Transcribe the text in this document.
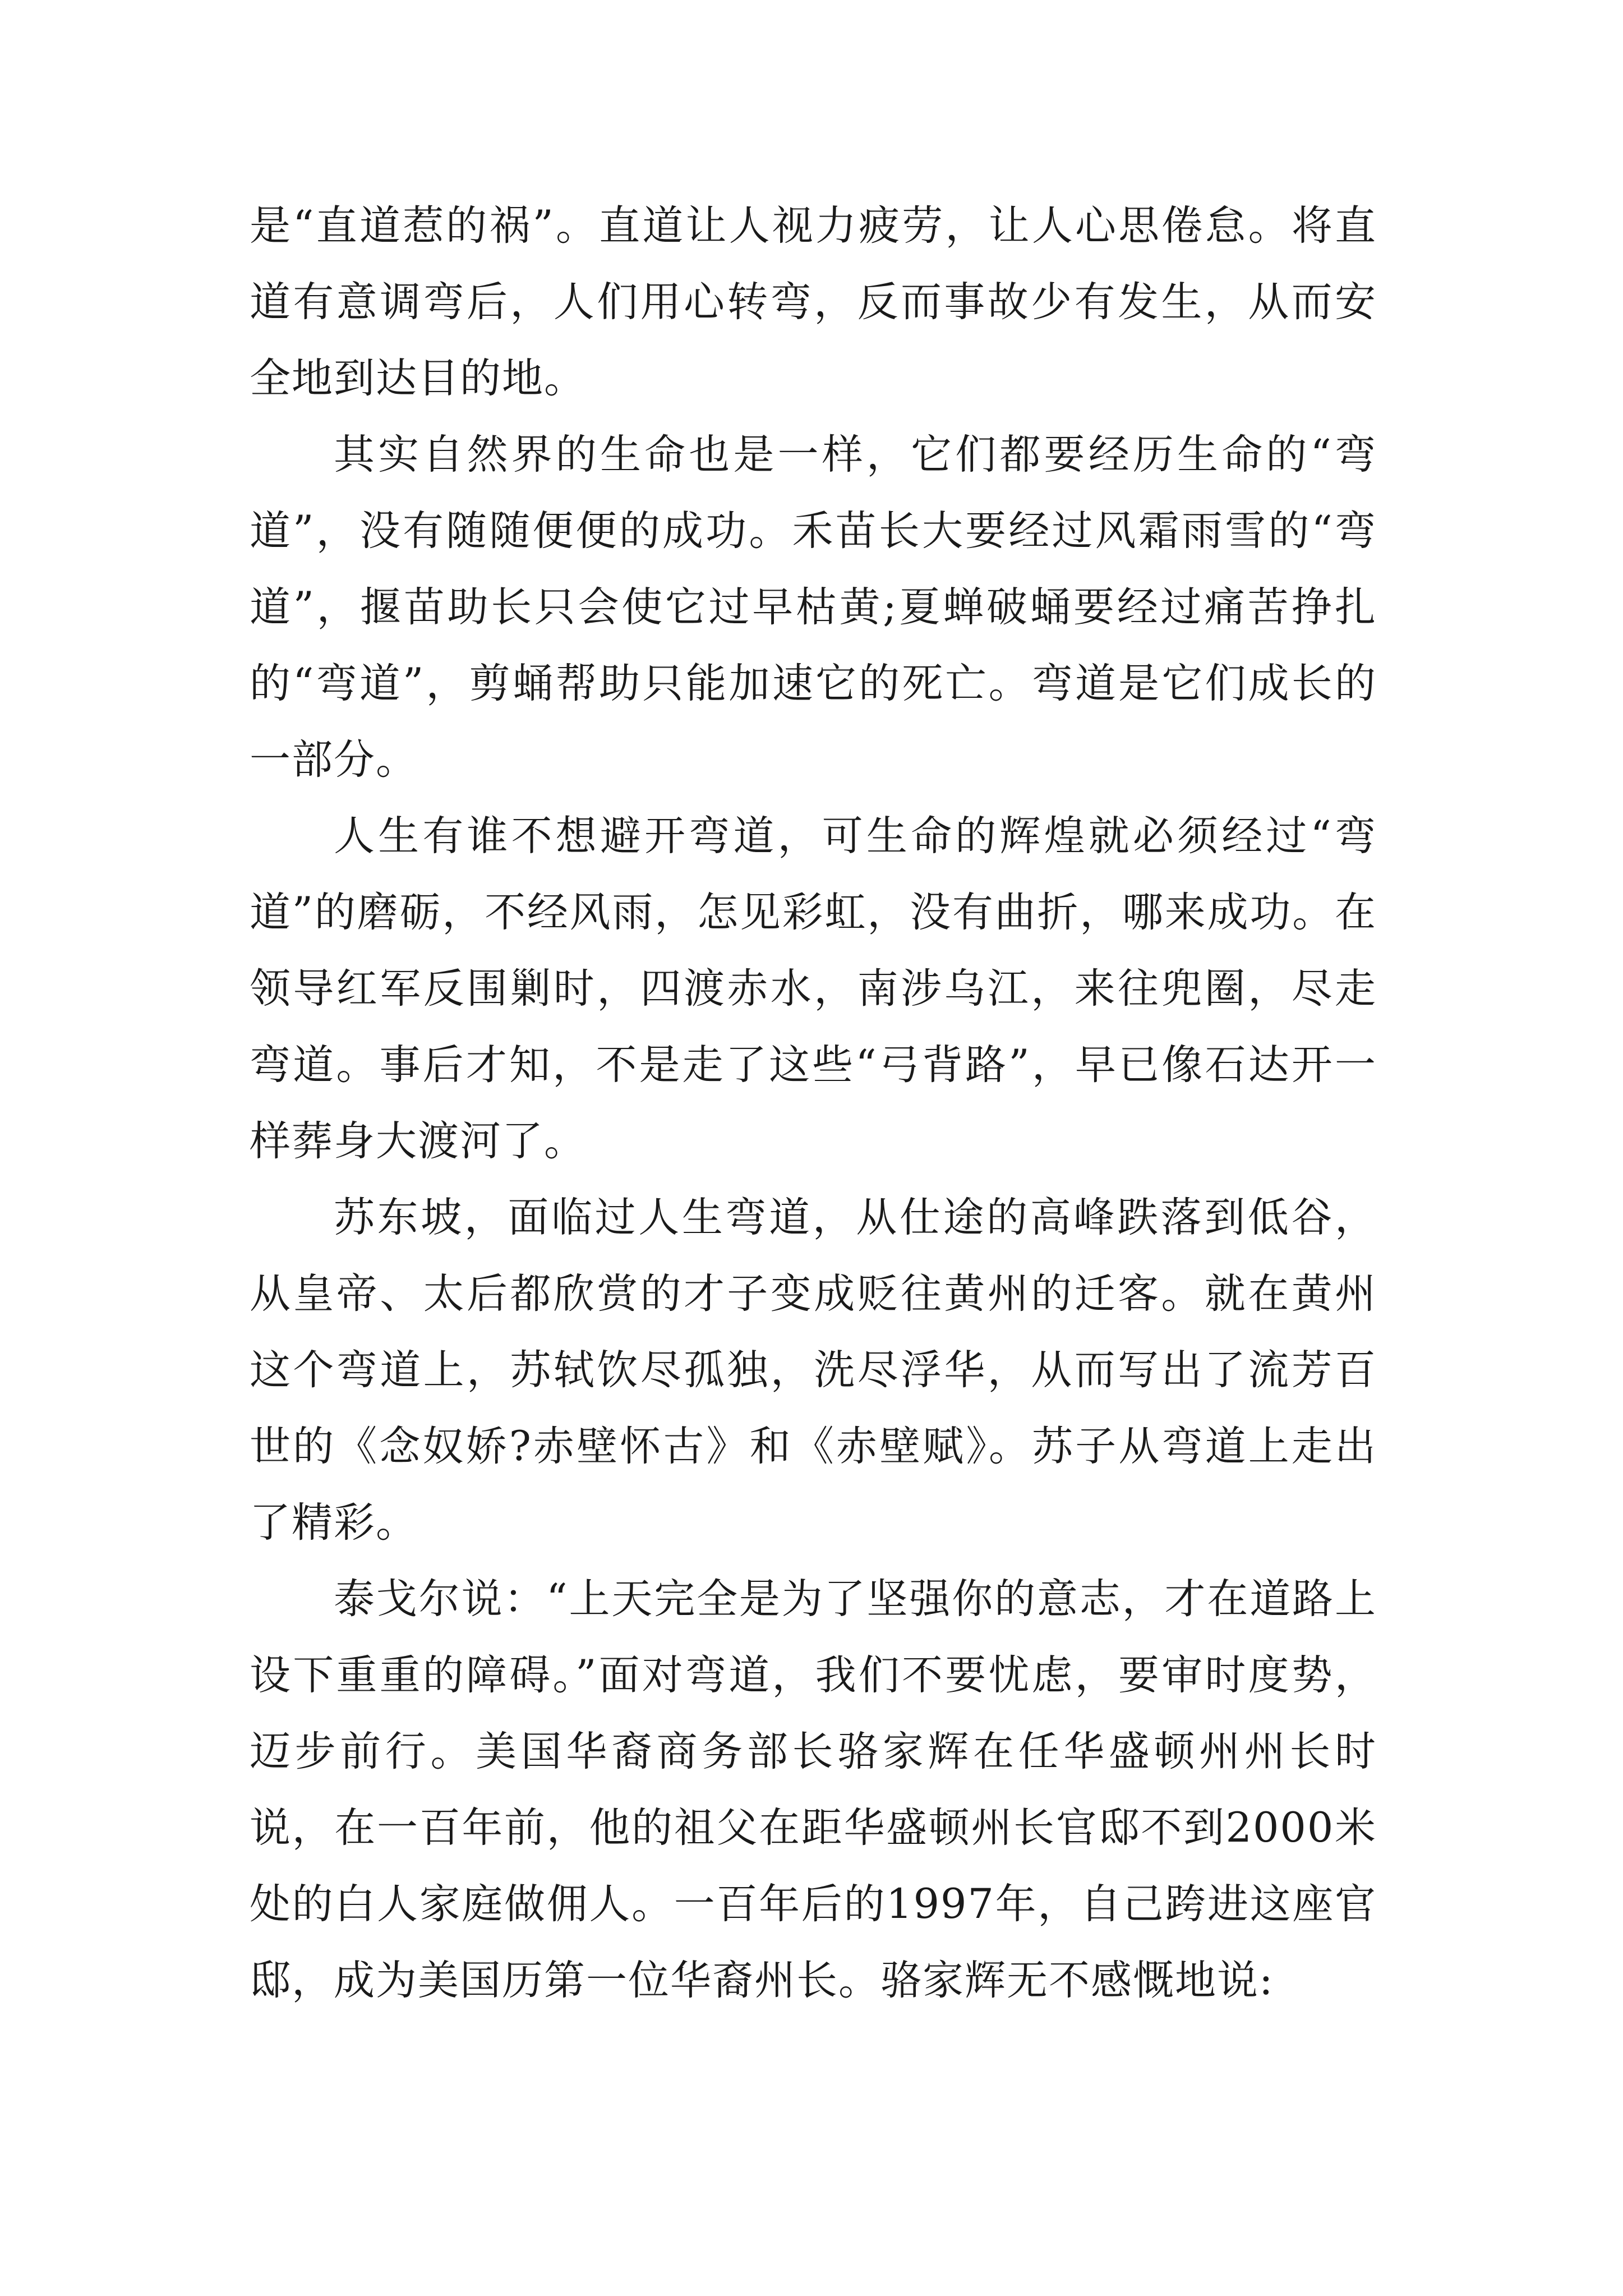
是“直道惹的祸”。直道让人视力疲劳，让人心思倦怠。将直道有意调弯后，人们用心转弯，反而事故少有发生，从而安全地到达目的地。

其实自然界的生命也是一样，它们都要经历生命的“弯道”，没有随随便便的成功。禾苗长大要经过风霜雨雪的“弯道”，揠苗助长只会使它过早枯黄;夏蝉破蛹要经过痛苦挣扎的“弯道”，剪蛹帮助只能加速它的死亡。弯道是它们成长的一部分。

人生有谁不想避开弯道，可生命的辉煌就必须经过“弯道”的磨砺，不经风雨，怎见彩虹，没有曲折，哪来成功。在领导红军反围剿时，四渡赤水，南涉乌江，来往兜圈，尽走弯道。事后才知，不是走了这些“弓背路”，早已像石达开一样葬身大渡河了。

苏东坡，面临过人生弯道，从仕途的高峰跌落到低谷，从皇帝、太后都欣赏的才子变成贬往黄州的迁客。就在黄州这个弯道上，苏轼饮尽孤独，洗尽浮华，从而写出了流芳百世的《念奴娇?赤壁怀古》和《赤壁赋》。苏子从弯道上走出了精彩。

泰戈尔说：“上天完全是为了坚强你的意志，才在道路上设下重重的障碍。”面对弯道，我们不要忧虑，要审时度势，迈步前行。美国华裔商务部长骆家辉在任华盛顿州州长时说，在一百年前，他的祖父在距华盛顿州长官邸不到2000米处的白人家庭做佣人。一百年后的1997年，自己跨进这座官邸，成为美国历第一位华裔州长。骆家辉无不感慨地说:
